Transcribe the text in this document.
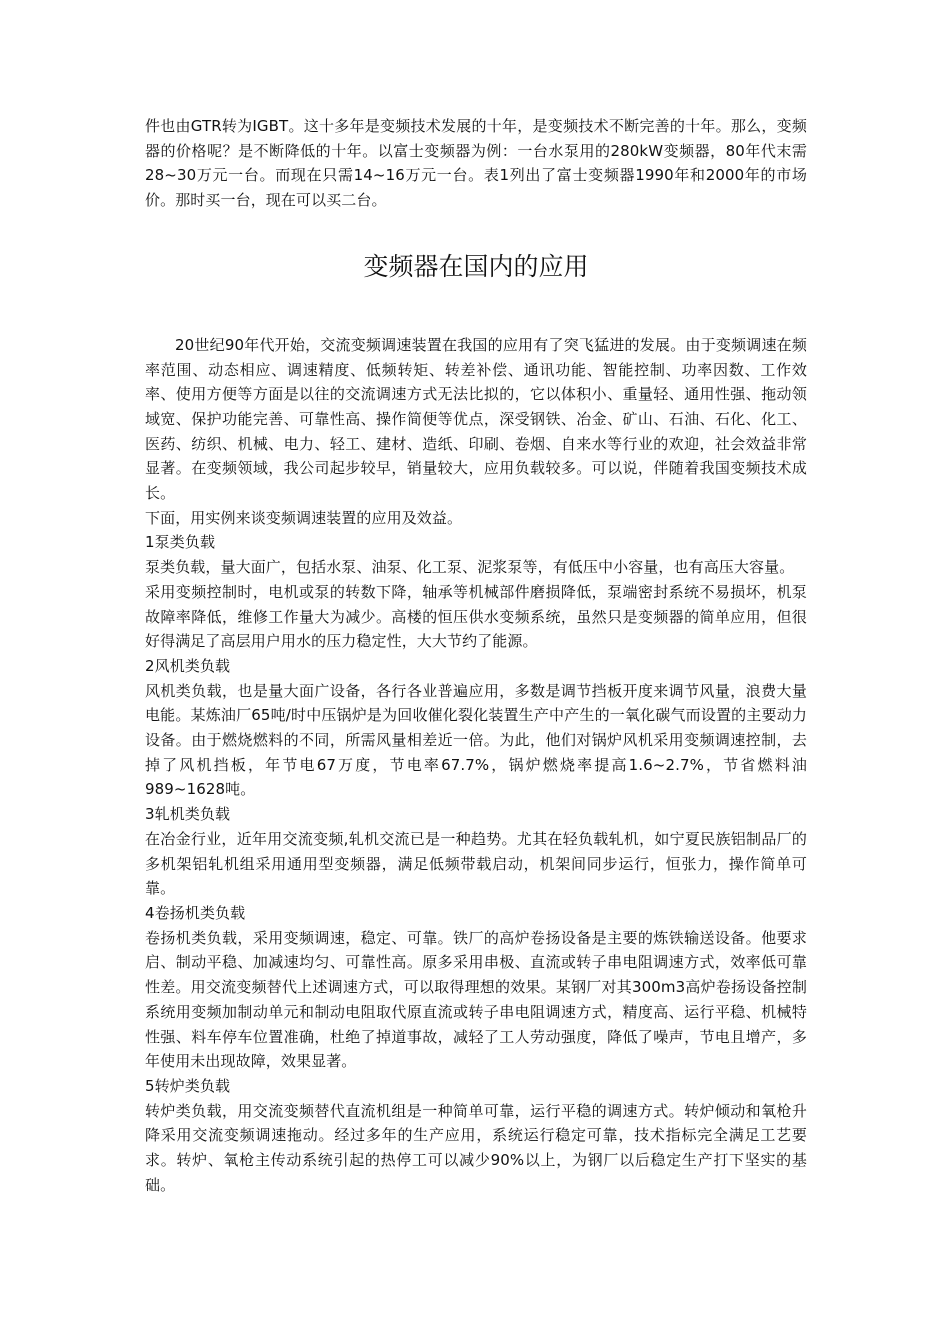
件也由GTR转为IGBT。这十多年是变频技术发展的十年，是变频技术不断完善的十年。那么，变频器的价格呢？是不断降低的十年。以富士变频器为例：一台水泵用的280kW变频器，80年代末需28~30万元一台。而现在只需14~16万元一台。表1列出了富士变频器1990年和2000年的市场价。那时买一台，现在可以买二台。

变频器在国内的应用

20世纪90年代开始，交流变频调速装置在我国的应用有了突飞猛进的发展。由于变频调速在频率范围、动态相应、调速精度、低频转矩、转差补偿、通讯功能、智能控制、功率因数、工作效率、使用方便等方面是以往的交流调速方式无法比拟的，它以体积小、重量轻、通用性强、拖动领域宽、保护功能完善、可靠性高、操作简便等优点，深受钢铁、冶金、矿山、石油、石化、化工、医药、纺织、机械、电力、轻工、建材、造纸、印刷、卷烟、自来水等行业的欢迎，社会效益非常显著。在变频领域，我公司起步较早，销量较大，应用负载较多。可以说，伴随着我国变频技术成长。

下面，用实例来谈变频调速装置的应用及效益。

1泵类负载

泵类负载，量大面广，包括水泵、油泵、化工泵、泥浆泵等，有低压中小容量，也有高压大容量。

采用变频控制时，电机或泵的转数下降，轴承等机械部件磨损降低，泵端密封系统不易损坏，机泵故障率降低，维修工作量大为减少。高楼的恒压供水变频系统，虽然只是变频器的简单应用，但很好得满足了高层用户用水的压力稳定性，大大节约了能源。

2风机类负载

风机类负载，也是量大面广设备，各行各业普遍应用，多数是调节挡板开度来调节风量，浪费大量电能。某炼油厂65吨/时中压锅炉是为回收催化裂化装置生产中产生的一氧化碳气而设置的主要动力设备。由于燃烧燃料的不同，所需风量相差近一倍。为此，他们对锅炉风机采用变频调速控制，去掉了风机挡板，年节电67万度，节电率67.7%，锅炉燃烧率提高1.6~2.7%，节省燃料油989~1628吨。

3轧机类负载

在冶金行业，近年用交流变频,轧机交流已是一种趋势。尤其在轻负载轧机，如宁夏民族铝制品厂的多机架铝轧机组采用通用型变频器，满足低频带载启动，机架间同步运行，恒张力，操作简单可靠。

4卷扬机类负载

卷扬机类负载，采用变频调速，稳定、可靠。铁厂的高炉卷扬设备是主要的炼铁输送设备。他要求启、制动平稳、加减速均匀、可靠性高。原多采用串极、直流或转子串电阻调速方式，效率低可靠性差。用交流变频替代上述调速方式，可以取得理想的效果。某钢厂对其300m3高炉卷扬设备控制系统用变频加制动单元和制动电阻取代原直流或转子串电阻调速方式，精度高、运行平稳、机械特性强、料车停车位置准确，杜绝了掉道事故，减轻了工人劳动强度，降低了噪声，节电且增产，多年使用未出现故障，效果显著。

5转炉类负载

转炉类负载，用交流变频替代直流机组是一种简单可靠，运行平稳的调速方式。转炉倾动和氧枪升降采用交流变频调速拖动。经过多年的生产应用，系统运行稳定可靠，技术指标完全满足工艺要求。转炉、氧枪主传动系统引起的热停工可以减少90%以上，为钢厂以后稳定生产打下坚实的基础。
